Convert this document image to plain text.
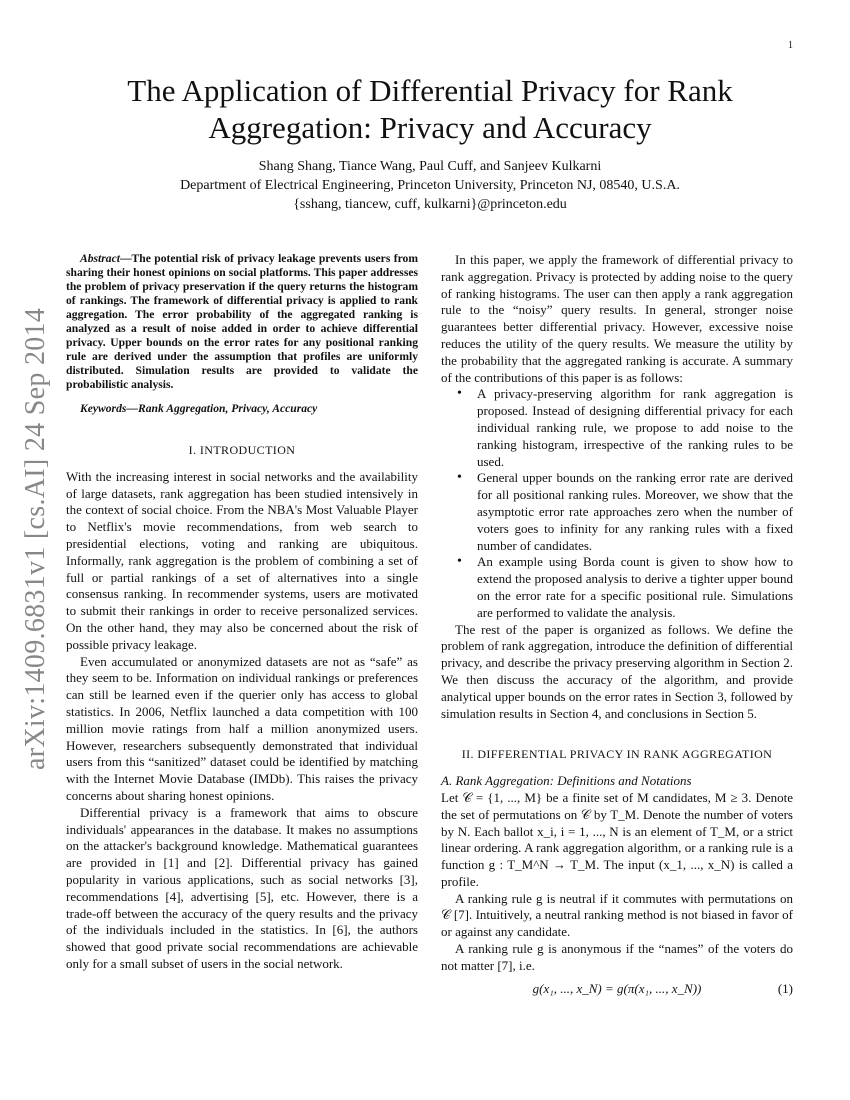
1
arXiv:1409.6831v1 [cs.AI] 24 Sep 2014
The Application of Differential Privacy for Rank
Aggregation: Privacy and Accuracy
Shang Shang, Tiance Wang, Paul Cuff, and Sanjeev Kulkarni
Department of Electrical Engineering, Princeton University, Princeton NJ, 08540, U.S.A.
{sshang, tiancew, cuff, kulkarni}@princeton.edu

Abstract—The potential risk of privacy leakage prevents users from sharing their honest opinions on social platforms. This paper addresses the problem of privacy preservation if the query returns the histogram of rankings. The framework of differential privacy is applied to rank aggregation. The error probability of the aggregated ranking is analyzed as a result of noise added in order to achieve differential privacy. Upper bounds on the error rates for any positional ranking rule are derived under the assumption that profiles are uniformly distributed. Simulation results are provided to validate the probabilistic analysis.

Keywords—Rank Aggregation, Privacy, Accuracy

I. INTRODUCTION

With the increasing interest in social networks and the availability of large datasets, rank aggregation has been studied intensively in the context of social choice. From the NBA's Most Valuable Player to Netflix's movie recommendations, from web search to presidential elections, voting and ranking are ubiquitous. Informally, rank aggregation is the problem of combining a set of full or partial rankings of a set of alternatives into a single consensus ranking. In recommender systems, users are motivated to submit their rankings in order to receive personalized services. On the other hand, they may also be concerned about the risk of possible privacy leakage.

Even accumulated or anonymized datasets are not as “safe” as they seem to be. Information on individual rankings or preferences can still be learned even if the querier only has access to global statistics. In 2006, Netflix launched a data competition with 100 million movie ratings from half a million anonymized users. However, researchers subsequently demonstrated that individual users from this “sanitized” dataset could be identified by matching with the Internet Movie Database (IMDb). This raises the privacy concerns about sharing honest opinions.

Differential privacy is a framework that aims to obscure individuals' appearances in the database. It makes no assumptions on the attacker's background knowledge. Mathematical guarantees are provided in [1] and [2]. Differential privacy has gained popularity in various applications, such as social networks [3], recommendations [4], advertising [5], etc. However, there is a trade-off between the accuracy of the query results and the privacy of the individuals included in the statistics. In [6], the authors showed that good private social recommendations are achievable only for a small subset of users in the social network.

In this paper, we apply the framework of differential privacy to rank aggregation. Privacy is protected by adding noise to the query of ranking histograms. The user can then apply a rank aggregation rule to the “noisy” query results. In general, stronger noise guarantees better differential privacy. However, excessive noise reduces the utility of the query results. We measure the utility by the probability that the aggregated ranking is accurate. A summary of the contributions of this paper is as follows:

• A privacy-preserving algorithm for rank aggregation is proposed. Instead of designing differential privacy for each individual ranking rule, we propose to add noise to the ranking histogram, irrespective of the ranking rules to be used.
• General upper bounds on the ranking error rate are derived for all positional ranking rules. Moreover, we show that the asymptotic error rate approaches zero when the number of voters goes to infinity for any ranking rules with a fixed number of candidates.
• An example using Borda count is given to show how to extend the proposed analysis to derive a tighter upper bound on the error rate for a specific positional rule. Simulations are performed to validate the analysis.

The rest of the paper is organized as follows. We define the problem of rank aggregation, introduce the definition of differential privacy, and describe the privacy preserving algorithm in Section 2. We then discuss the accuracy of the algorithm, and provide analytical upper bounds on the error rates in Section 3, followed by simulation results in Section 4, and conclusions in Section 5.

II. DIFFERENTIAL PRIVACY IN RANK AGGREGATION

A. Rank Aggregation: Definitions and Notations

Let 𝒞 = {1, ..., M} be a finite set of M candidates, M ≥ 3. Denote the set of permutations on 𝒞 by T_M. Denote the number of voters by N. Each ballot x_i, i = 1, ..., N is an element of T_M, or a strict linear ordering. A rank aggregation algorithm, or a ranking rule is a function g : T_M^N → T_M. The input (x_1, ..., x_N) is called a profile.

A ranking rule g is neutral if it commutes with permutations on 𝒞 [7]. Intuitively, a neutral ranking method is not biased in favor of or against any candidate.

A ranking rule g is anonymous if the “names” of the voters do not matter [7], i.e.

g(x₁, ..., x_N) = g(π(x₁, ..., x_N))	(1)
